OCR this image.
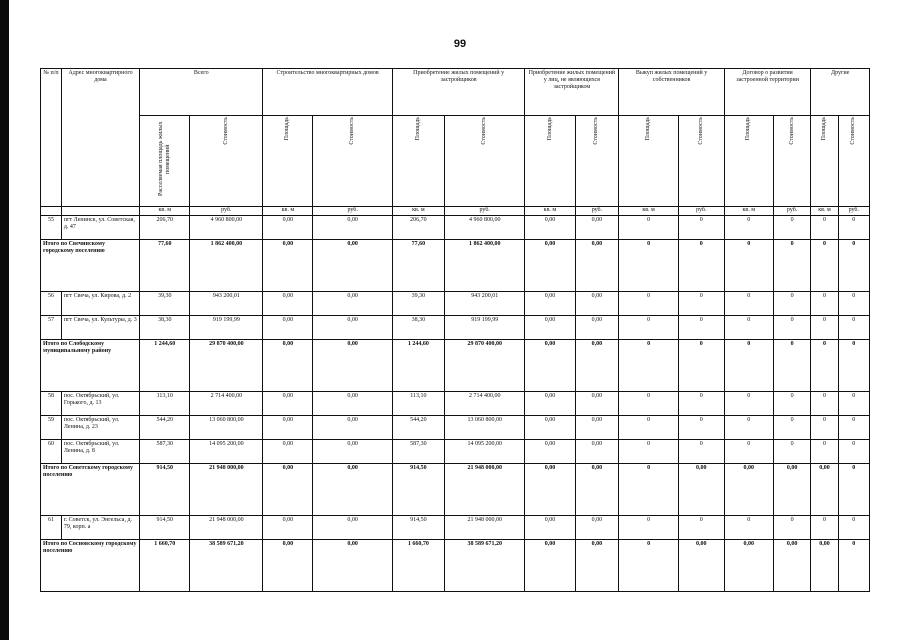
99
№ п/п	Адрес многоквартирного дома	Всего		Строительство многоквартирных домов		Приобретение жилых помещений у застройщиков		Приобретение жилых помещений у лиц, не являющихся застройщиком		Выкуп жилых помещений у собственников		Договор о развитии застроенной территории		Другие	

		Расселяемая площадь жилых помещений	Стоимость	Площадь	Стоимость	Площадь	Стоимость	Площадь	Стоимость	Площадь	Стоимость	Площадь	Стоимость	Площадь	Стоимость

		кв. м	руб.	кв. м	руб.	кв. м	руб.	кв. м	руб.	кв. м	руб.	кв. м	руб.	кв. м	руб.
55	пгт Ленинск, ул. Советская, д. 47	206,70	4 960 800,00	0,00	0,00	206,70	4 960 800,00	0,00	0,00	0	0	0	0	0	0
Итого по Свечинскому городскому поселению		77,60	1 862 400,00	0,00	0,00	77,60	1 862 400,00	0,00	0,00	0	0	0	0	0	0
56	пгт Свеча, ул. Кирова, д. 2	39,30	943 200,01	0,00	0,00	39,30	943 200,01	0,00	0,00	0	0	0	0	0	0
57	пгт Свеча, ул. Культуры, д. 3	38,30	919 199,99	0,00	0,00	38,30	919 199,99	0,00	0,00	0	0	0	0	0	0
Итого по Слободскому муниципальному району		1 244,60	29 870 400,00	0,00	0,00	1 244,60	29 870 400,00	0,00	0,00	0	0	0	0	0	0
58	пос. Октябрьский, ул. Горького, д. 13	113,10	2 714 400,00	0,00	0,00	113,10	2 714 400,00	0,00	0,00	0	0	0	0	0	0
59	пос. Октябрьский, ул. Ленина, д. 23	544,20	13 060 800,00	0,00	0,00	544,20	13 060 800,00	0,00	0,00	0	0	0	0	0	0
60	пос. Октябрьский, ул. Ленина, д. 8	587,30	14 095 200,00	0,00	0,00	587,30	14 095 200,00	0,00	0,00	0	0	0	0	0	0
Итого по Советскому городскому поселению		914,50	21 948 000,00	0,00	0,00	914,50	21 948 000,00	0,00	0,00	0	0,00	0,00	0,00	0,00	0
61	г. Советск, ул. Энгельса, д. 79, корп. а	914,50	21 948 000,00	0,00	0,00	914,50	21 948 000,00	0,00	0,00	0	0	0	0	0	0
Итого по Сосновскому городскому поселению		1 660,70	38 589 671,20	0,00	0,00	1 660,70	38 589 671,20	0,00	0,00	0	0,00	0,00	0,00	0,00	0
